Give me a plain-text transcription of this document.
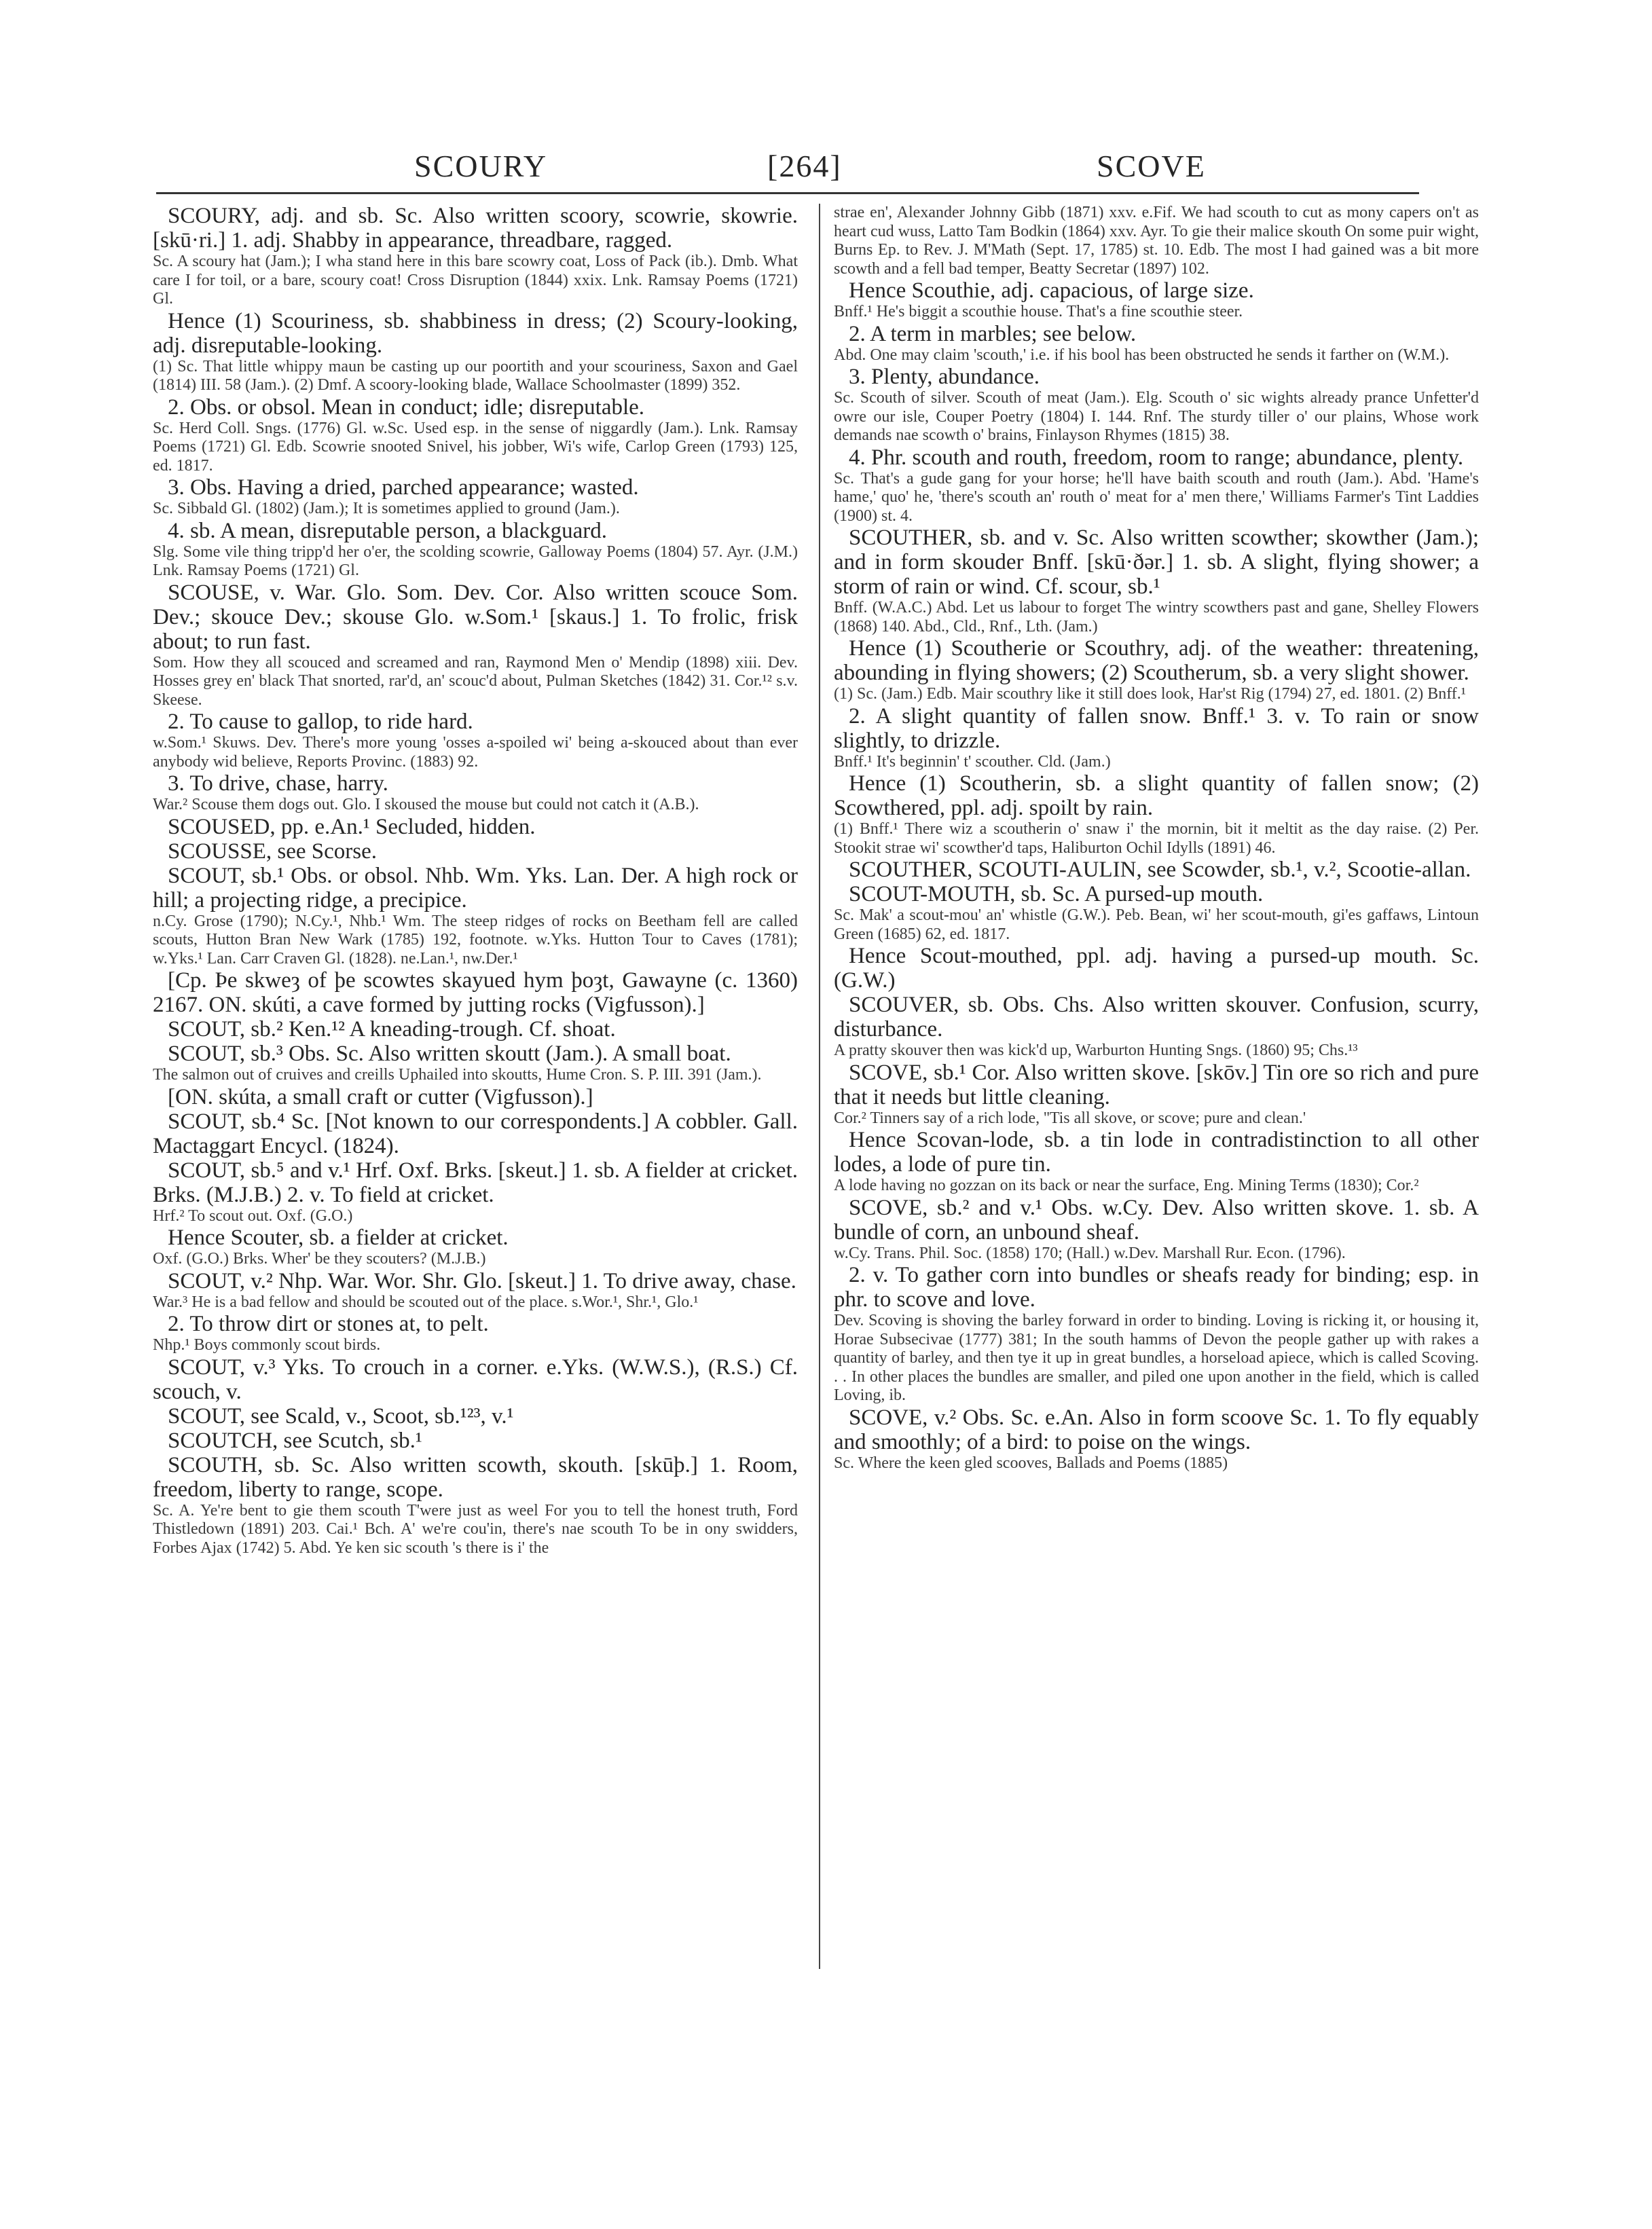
SCOURY	[264]	SCOVE

SCOURY, adj. and sb. Sc. Also written scoory, scowrie, skowrie. [skū·ri.] 1. adj. Shabby in appearance, threadbare, ragged.

Sc. A scoury hat (Jam.); I wha stand here in this bare scowry coat, Loss of Pack (ib.). Dmb. What care I for toil, or a bare, scoury coat! Cross Disruption (1844) xxix. Lnk. Ramsay Poems (1721) Gl.

Hence (1) Scouriness, sb. shabbiness in dress; (2) Scoury-looking, adj. disreputable-looking.

(1) Sc. That little whippy maun be casting up our poortith and your scouriness, Saxon and Gael (1814) III. 58 (Jam.). (2) Dmf. A scoory-looking blade, Wallace Schoolmaster (1899) 352.

2. Obs. or obsol. Mean in conduct; idle; disreputable.

Sc. Herd Coll. Sngs. (1776) Gl. w.Sc. Used esp. in the sense of niggardly (Jam.). Lnk. Ramsay Poems (1721) Gl. Edb. Scowrie snooted Snivel, his jobber, Wi's wife, Carlop Green (1793) 125, ed. 1817.

3. Obs. Having a dried, parched appearance; wasted.

Sc. Sibbald Gl. (1802) (Jam.); It is sometimes applied to ground (Jam.).

4. sb. A mean, disreputable person, a blackguard.

Slg. Some vile thing tripp'd her o'er, the scolding scowrie, Galloway Poems (1804) 57. Ayr. (J.M.) Lnk. Ramsay Poems (1721) Gl.

SCOUSE, v. War. Glo. Som. Dev. Cor. Also written scouce Som. Dev.; skouce Dev.; skouse Glo. w.Som.¹ [skaus.] 1. To frolic, frisk about; to run fast.

Som. How they all scouced and screamed and ran, Raymond Men o' Mendip (1898) xiii. Dev. Hosses grey en' black That snorted, rar'd, an' scouc'd about, Pulman Sketches (1842) 31. Cor.¹² s.v. Skeese.

2. To cause to gallop, to ride hard.

w.Som.¹ Skuws. Dev. There's more young 'osses a-spoiled wi' being a-skouced about than ever anybody wid believe, Reports Provinc. (1883) 92.

3. To drive, chase, harry.

War.² Scouse them dogs out. Glo. I skoused the mouse but could not catch it (A.B.).

SCOUSED, pp. e.An.¹ Secluded, hidden.

SCOUSSE, see Scorse.

SCOUT, sb.¹ Obs. or obsol. Nhb. Wm. Yks. Lan. Der. A high rock or hill; a projecting ridge, a precipice.

n.Cy. Grose (1790); N.Cy.¹, Nhb.¹ Wm. The steep ridges of rocks on Beetham fell are called scouts, Hutton Bran New Wark (1785) 192, footnote. w.Yks. Hutton Tour to Caves (1781); w.Yks.¹ Lan. Carr Craven Gl. (1828). ne.Lan.¹, nw.Der.¹

[Cp. Þe skweȝ of þe scowtes skayued hym þoȝt, Gawayne (c. 1360) 2167. ON. skúti, a cave formed by jutting rocks (Vigfusson).]

SCOUT, sb.² Ken.¹² A kneading-trough. Cf. shoat.

SCOUT, sb.³ Obs. Sc. Also written skoutt (Jam.). A small boat.

The salmon out of cruives and creills Uphailed into skoutts, Hume Cron. S. P. III. 391 (Jam.).

[ON. skúta, a small craft or cutter (Vigfusson).]

SCOUT, sb.⁴ Sc. [Not known to our correspondents.] A cobbler. Gall. Mactaggart Encycl. (1824).

SCOUT, sb.⁵ and v.¹ Hrf. Oxf. Brks. [skeut.] 1. sb. A fielder at cricket. Brks. (M.J.B.) 2. v. To field at cricket.

Hrf.² To scout out. Oxf. (G.O.)

Hence Scouter, sb. a fielder at cricket.

Oxf. (G.O.) Brks. Wher' be they scouters? (M.J.B.)

SCOUT, v.² Nhp. War. Wor. Shr. Glo. [skeut.] 1. To drive away, chase.

War.³ He is a bad fellow and should be scouted out of the place. s.Wor.¹, Shr.¹, Glo.¹

2. To throw dirt or stones at, to pelt.

Nhp.¹ Boys commonly scout birds.

SCOUT, v.³ Yks. To crouch in a corner. e.Yks. (W.W.S.), (R.S.) Cf. scouch, v.

SCOUT, see Scald, v., Scoot, sb.¹²³, v.¹

SCOUTCH, see Scutch, sb.¹

SCOUTH, sb. Sc. Also written scowth, skouth. [skūþ.] 1. Room, freedom, liberty to range, scope.

Sc. A. Ye're bent to gie them scouth T'were just as weel For you to tell the honest truth, Ford Thistledown (1891) 203. Cai.¹ Bch. A' we're cou'in, there's nae scouth To be in ony swidders, Forbes Ajax (1742) 5. Abd. Ye ken sic scouth 's there is i' the

strae en', Alexander Johnny Gibb (1871) xxv. e.Fif. We had scouth to cut as mony capers on't as heart cud wuss, Latto Tam Bodkin (1864) xxv. Ayr. To gie their malice skouth On some puir wight, Burns Ep. to Rev. J. M'Math (Sept. 17, 1785) st. 10. Edb. The most I had gained was a bit more scowth and a fell bad temper, Beatty Secretar (1897) 102.

Hence Scouthie, adj. capacious, of large size.

Bnff.¹ He's biggit a scouthie house. That's a fine scouthie steer.

2. A term in marbles; see below.

Abd. One may claim 'scouth,' i.e. if his bool has been obstructed he sends it farther on (W.M.).

3. Plenty, abundance.

Sc. Scouth of silver. Scouth of meat (Jam.). Elg. Scouth o' sic wights already prance Unfetter'd owre our isle, Couper Poetry (1804) I. 144. Rnf. The sturdy tiller o' our plains, Whose work demands nae scowth o' brains, Finlayson Rhymes (1815) 38.

4. Phr. scouth and routh, freedom, room to range; abundance, plenty.

Sc. That's a gude gang for your horse; he'll have baith scouth and routh (Jam.). Abd. 'Hame's hame,' quo' he, 'there's scouth an' routh o' meat for a' men there,' Williams Farmer's Tint Laddies (1900) st. 4.

SCOUTHER, sb. and v. Sc. Also written scowther; skowther (Jam.); and in form skouder Bnff. [skū·ðər.] 1. sb. A slight, flying shower; a storm of rain or wind. Cf. scour, sb.¹

Bnff. (W.A.C.) Abd. Let us labour to forget The wintry scowthers past and gane, Shelley Flowers (1868) 140. Abd., Cld., Rnf., Lth. (Jam.)

Hence (1) Scoutherie or Scouthry, adj. of the weather: threatening, abounding in flying showers; (2) Scoutherum, sb. a very slight shower.

(1) Sc. (Jam.) Edb. Mair scouthry like it still does look, Har'st Rig (1794) 27, ed. 1801. (2) Bnff.¹

2. A slight quantity of fallen snow. Bnff.¹ 3. v. To rain or snow slightly, to drizzle.

Bnff.¹ It's beginnin' t' scouther. Cld. (Jam.)

Hence (1) Scoutherin, sb. a slight quantity of fallen snow; (2) Scowthered, ppl. adj. spoilt by rain.

(1) Bnff.¹ There wiz a scoutherin o' snaw i' the mornin, bit it meltit as the day raise. (2) Per. Stookit strae wi' scowther'd taps, Haliburton Ochil Idylls (1891) 46.

SCOUTHER, SCOUTI-AULIN, see Scowder, sb.¹, v.², Scootie-allan.

SCOUT-MOUTH, sb. Sc. A pursed-up mouth.

Sc. Mak' a scout-mou' an' whistle (G.W.). Peb. Bean, wi' her scout-mouth, gi'es gaffaws, Lintoun Green (1685) 62, ed. 1817.

Hence Scout-mouthed, ppl. adj. having a pursed-up mouth. Sc. (G.W.)

SCOUVER, sb. Obs. Chs. Also written skouver. Confusion, scurry, disturbance.

A pratty skouver then was kick'd up, Warburton Hunting Sngs. (1860) 95; Chs.¹³

SCOVE, sb.¹ Cor. Also written skove. [skōv.] Tin ore so rich and pure that it needs but little cleaning.

Cor.² Tinners say of a rich lode, ''Tis all skove, or scove; pure and clean.'

Hence Scovan-lode, sb. a tin lode in contradistinction to all other lodes, a lode of pure tin.

A lode having no gozzan on its back or near the surface, Eng. Mining Terms (1830); Cor.²

SCOVE, sb.² and v.¹ Obs. w.Cy. Dev. Also written skove. 1. sb. A bundle of corn, an unbound sheaf.

w.Cy. Trans. Phil. Soc. (1858) 170; (Hall.) w.Dev. Marshall Rur. Econ. (1796).

2. v. To gather corn into bundles or sheafs ready for binding; esp. in phr. to scove and love.

Dev. Scoving is shoving the barley forward in order to binding. Loving is ricking it, or housing it, Horae Subsecivae (1777) 381; In the south hamms of Devon the people gather up with rakes a quantity of barley, and then tye it up in great bundles, a horseload apiece, which is called Scoving. . . In other places the bundles are smaller, and piled one upon another in the field, which is called Loving, ib.

SCOVE, v.² Obs. Sc. e.An. Also in form scoove Sc. 1. To fly equably and smoothly; of a bird: to poise on the wings.

Sc. Where the keen gled scooves, Ballads and Poems (1885)
